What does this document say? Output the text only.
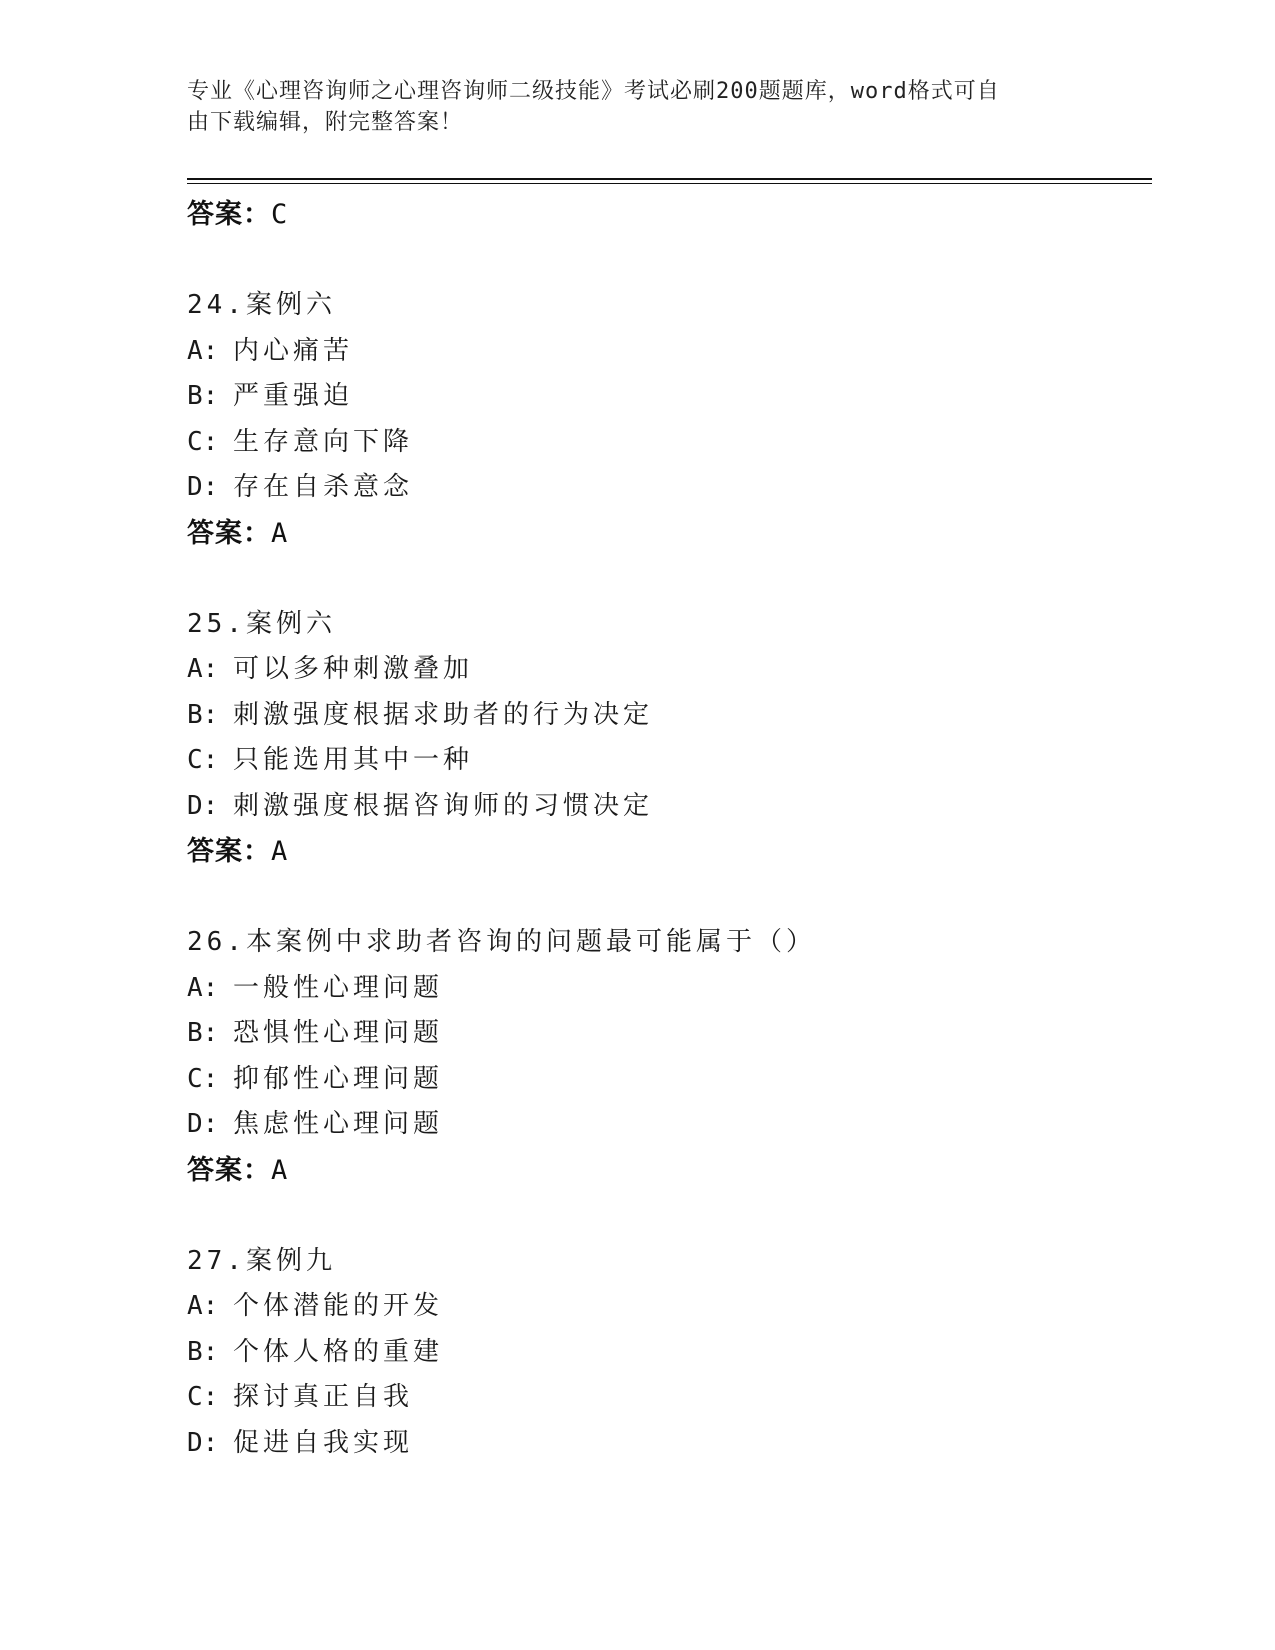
专业《心理咨询师之心理咨询师二级技能》考试必刷200题题库，word格式可自
由下载编辑，附完整答案！
答案：C
24.案例六
A: 内心痛苦
B: 严重强迫
C: 生存意向下降
D: 存在自杀意念
答案：A
25.案例六
A: 可以多种刺激叠加
B: 刺激强度根据求助者的行为决定
C: 只能选用其中一种
D: 刺激强度根据咨询师的习惯决定
答案：A
26.本案例中求助者咨询的问题最可能属于（）
A: 一般性心理问题
B: 恐惧性心理问题
C: 抑郁性心理问题
D: 焦虑性心理问题
答案：A
27.案例九
A: 个体潜能的开发
B: 个体人格的重建
C: 探讨真正自我
D: 促进自我实现
